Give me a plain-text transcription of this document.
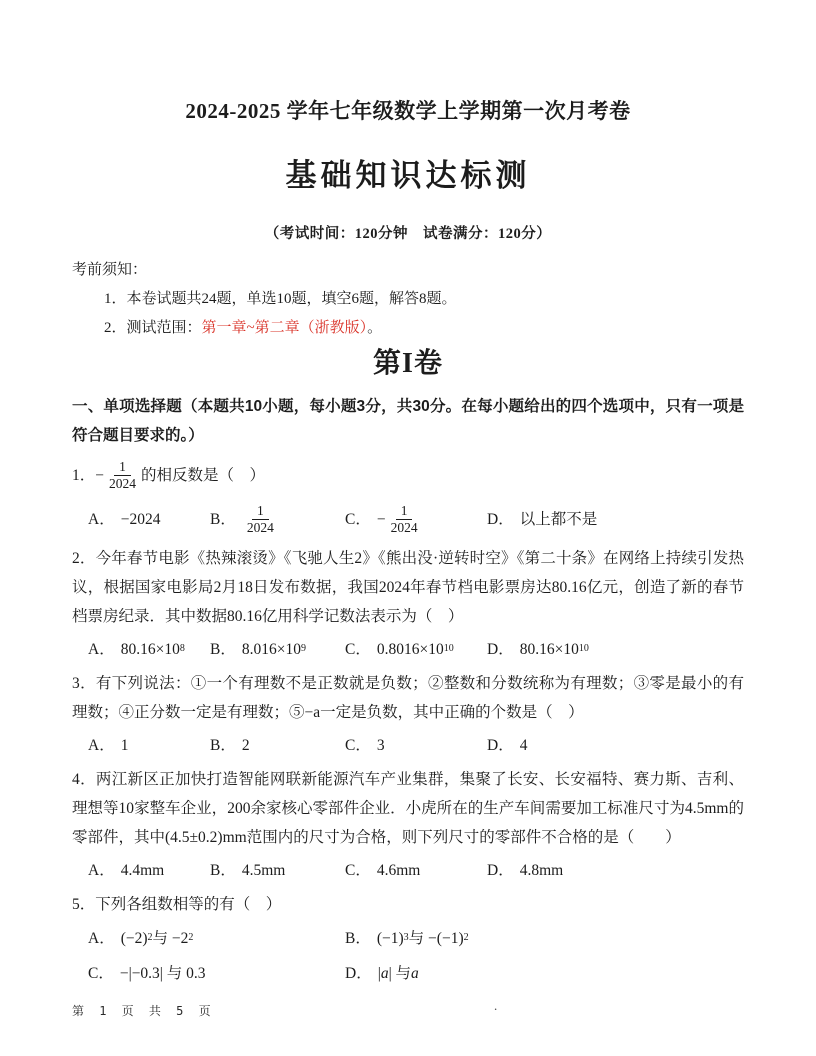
2024-2025 学年七年级数学上学期第一次月考卷
基础知识达标测

（考试时间：120分钟　试卷满分：120分）

考前须知：

1．本卷试题共24题，单选10题，填空6题，解答8题。

2．测试范围：第一章~第二章（浙教版）。

第I卷

一、单项选择题（本题共10小题，每小题3分，共30分。在每小题给出的四个选项中，只有一项是符合题目要求的。）

1． − $\frac{1}{2024}$ 的相反数是（　）
A． −2024	B． $\frac{1}{2024}$	C． − $\frac{1}{2024}$	D． 以上都不是

2．今年春节电影《热辣滚烫》《飞驰人生2》《熊出没·逆转时空》《第二十条》在网络上持续引发热议，根据国家电影局2月18日发布数据，我国2024年春节档电影票房达80.16亿元，创造了新的春节档票房纪录．其中数据80.16亿用科学记数法表示为（　）

A． 80.16×10 8 B． 8.016×10 9	C． 0.8016×10 10 D． 80.16×10 10

3．有下列说法：①一个有理数不是正数就是负数；②整数和分数统称为有理数；③零是最小的有理数；④正分数一定是有理数；⑤−a一定是负数，其中正确的个数是（　）

A． 1	B． 2	C． 3	D． 4

4．两江新区正加快打造智能网联新能源汽车产业集群，集聚了长安、长安福特、赛力斯、吉利、理想等10家整车企业，200余家核心零部件企业．小虎所在的生产车间需要加工标准尺寸为4.5mm的零部件，其中(4.5±0.2)mm范围内的尺寸为合格，则下列尺寸的零部件不合格的是（　　）

A． 4.4mm	B． 4.5mm	C． 4.6mm	D． 4.8mm

5．下列各组数相等的有（　）

A． (−2) 2 与 −2 2	B． (−1) 3 与 −(−1) 2
C． −|−0.3| 与 0.3	D． | a | 与 a
第 1 页 共 5 页	.
